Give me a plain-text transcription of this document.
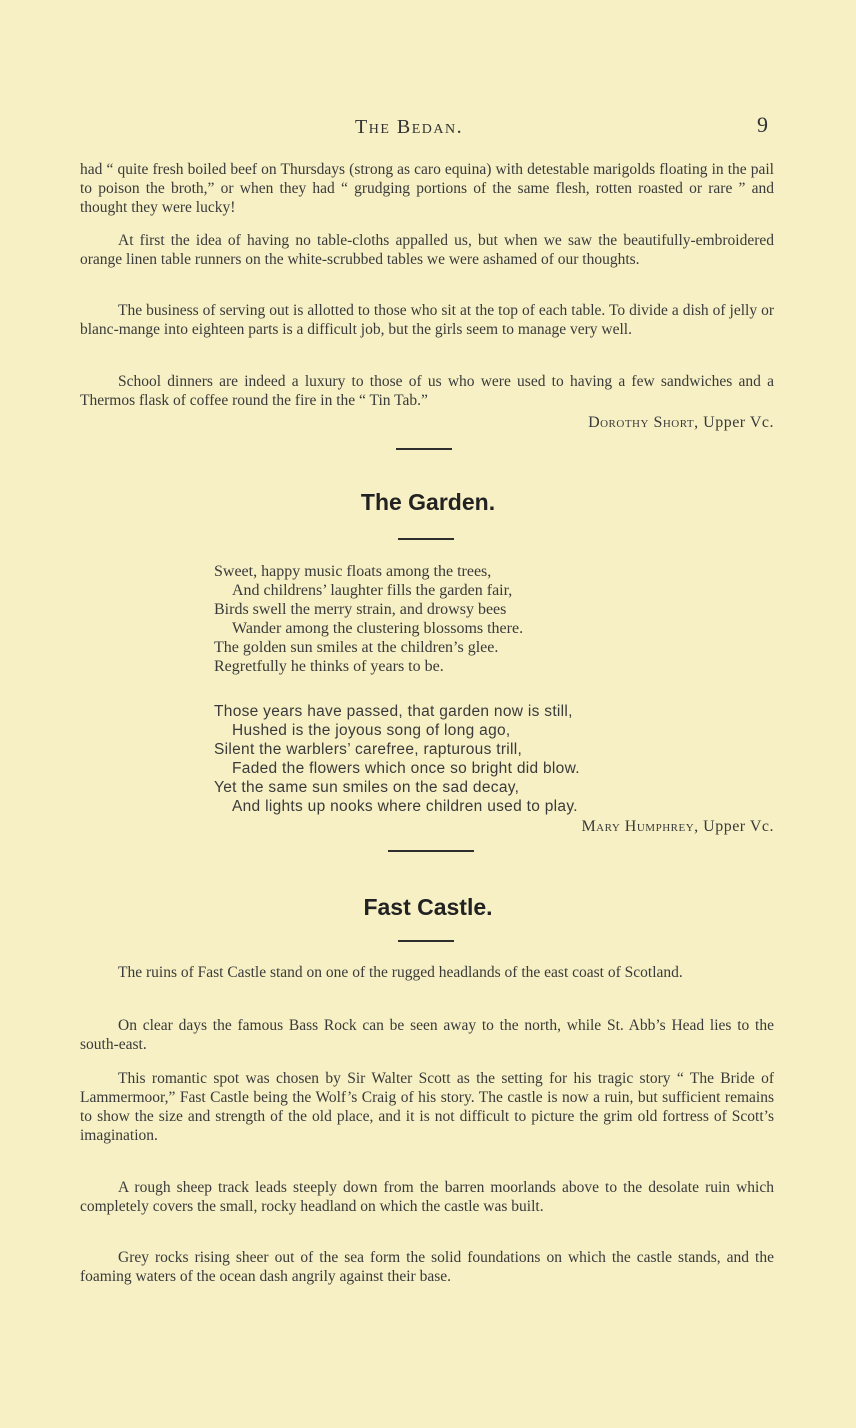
The Bedan.	9

had “ quite fresh boiled beef on Thursdays (strong as caro equina) with detestable marigolds floating in the pail to poison the broth,” or when they had “ grudging portions of the same flesh, rotten roasted or rare ” and thought they were lucky!

At first the idea of having no table-cloths appalled us, but when we saw the beautifully-embroidered orange linen table runners on the white-scrubbed tables we were ashamed of our thoughts.

The business of serving out is allotted to those who sit at the top of each table. To divide a dish of jelly or blanc-mange into eighteen parts is a difficult job, but the girls seem to manage very well.

School dinners are indeed a luxury to those of us who were used to having a few sandwiches and a Thermos flask of coffee round the fire in the “ Tin Tab.”

Dorothy Short, Upper Vc.
The Garden.
Sweet, happy music floats among the trees,
And childrens’ laughter fills the garden fair,
Birds swell the merry strain, and drowsy bees
Wander among the clustering blossoms there.
The golden sun smiles at the children’s glee.
Regretfully he thinks of years to be.
Those years have passed, that garden now is still,
Hushed is the joyous song of long ago,
Silent the warblers’ carefree, rapturous trill,
Faded the flowers which once so bright did blow.
Yet the same sun smiles on the sad decay,
And lights up nooks where children used to play.
Mary Humphrey, Upper Vc.
Fast Castle.

The ruins of Fast Castle stand on one of the rugged headlands of the east coast of Scotland.

On clear days the famous Bass Rock can be seen away to the north, while St. Abb’s Head lies to the south-east.

This romantic spot was chosen by Sir Walter Scott as the setting for his tragic story “ The Bride of Lammermoor,” Fast Castle being the Wolf’s Craig of his story. The castle is now a ruin, but sufficient remains to show the size and strength of the old place, and it is not difficult to picture the grim old fortress of Scott’s imagination.

A rough sheep track leads steeply down from the barren moorlands above to the desolate ruin which completely covers the small, rocky headland on which the castle was built.

Grey rocks rising sheer out of the sea form the solid foundations on which the castle stands, and the foaming waters of the ocean dash angrily against their base.
